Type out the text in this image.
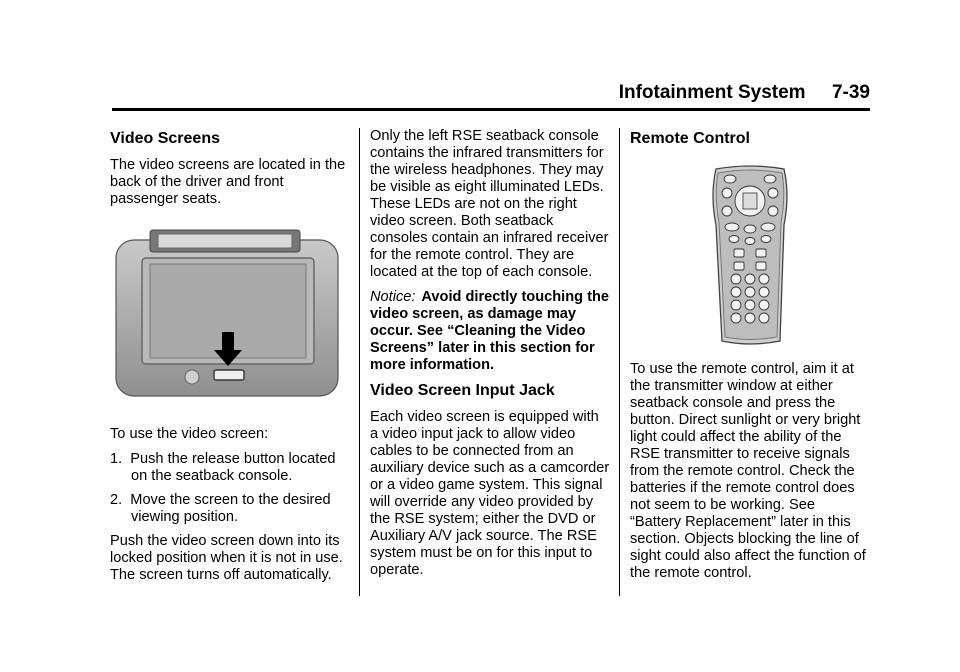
Infotainment System 7-39
Video Screens

The video screens are located in the back of the driver and front passenger seats.

To use the video screen:

1. Push the release button located on the seatback console.
2. Move the screen to the desired viewing position.

Push the video screen down into its locked position when it is not in use. The screen turns off automatically.

Only the left RSE seatback console contains the infrared transmitters for the wireless headphones. They may be visible as eight illuminated LEDs. These LEDs are not on the right video screen. Both seatback consoles contain an infrared receiver for the remote control. They are located at the top of each console.

Notice: Avoid directly touching the video screen, as damage may occur. See “Cleaning the Video Screens” later in this section for more information.

Video Screen Input Jack

Each video screen is equipped with a video input jack to allow video cables to be connected from an auxiliary device such as a camcorder or a video game system. This signal will override any video provided by the RSE system; either the DVD or Auxiliary A/V jack source. The RSE system must be on for this input to operate.

Remote Control

To use the remote control, aim it at the transmitter window at either seatback console and press the button. Direct sunlight or very bright light could affect the ability of the RSE transmitter to receive signals from the remote control. Check the batteries if the remote control does not seem to be working. See “Battery Replacement” later in this section. Objects blocking the line of sight could also affect the function of the remote control.
